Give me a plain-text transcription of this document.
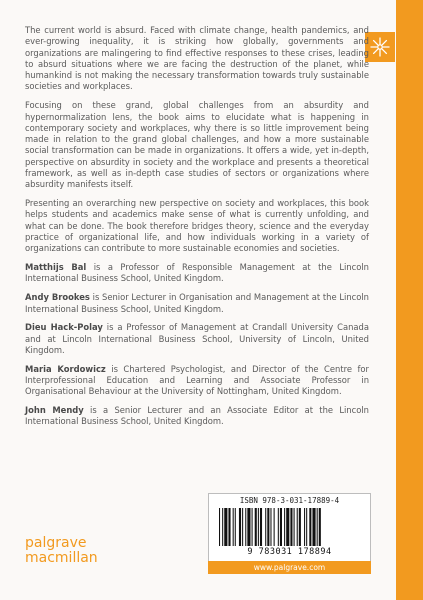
The current world is absurd. Faced with climate change, health pandemics, and ever-growing inequality, it is striking how globally, governments and organizations are malingering to find effective responses to these crises, leading to absurd situations where we are facing the destruction of the planet, while humankind is not making the necessary transformation towards truly sustainable societies and workplaces.

Focusing on these grand, global challenges from an absurdity and hypernormalization lens, the book aims to elucidate what is happening in contemporary society and workplaces, why there is so little improvement being made in relation to the grand global challenges, and how a more sustainable social transformation can be made in organizations. It offers a wide, yet in-depth, perspective on absurdity in society and the workplace and presents a theoretical framework, as well as in-depth case studies of sectors or organizations where absurdity manifests itself.

Presenting an overarching new perspective on society and workplaces, this book helps students and academics make sense of what is currently unfolding, and what can be done. The book therefore bridges theory, science and the everyday practice of organizational life, and how individuals working in a variety of organizations can contribute to more sustainable economies and societies.

Matthijs Bal is a Professor of Responsible Management at the Lincoln International Business School, United Kingdom.

Andy Brookes is Senior Lecturer in Organisation and Management at the Lincoln International Business School, United Kingdom.

Dieu Hack-Polay is a Professor of Management at Crandall University Canada and at Lincoln International Business School, University of Lincoln, United Kingdom.

Maria Kordowicz is Chartered Psychologist, and Director of the Centre for Interprofessional Education and Learning and Associate Professor in Organisational Behaviour at the University of Nottingham, United Kingdom.

John Mendy is a Senior Lecturer and an Associate Editor at the Lincoln International Business School, United Kingdom.

ISBN 978-3-031-17889-4
9 783031 178894
www.palgrave.com
palgrave
macmillan
